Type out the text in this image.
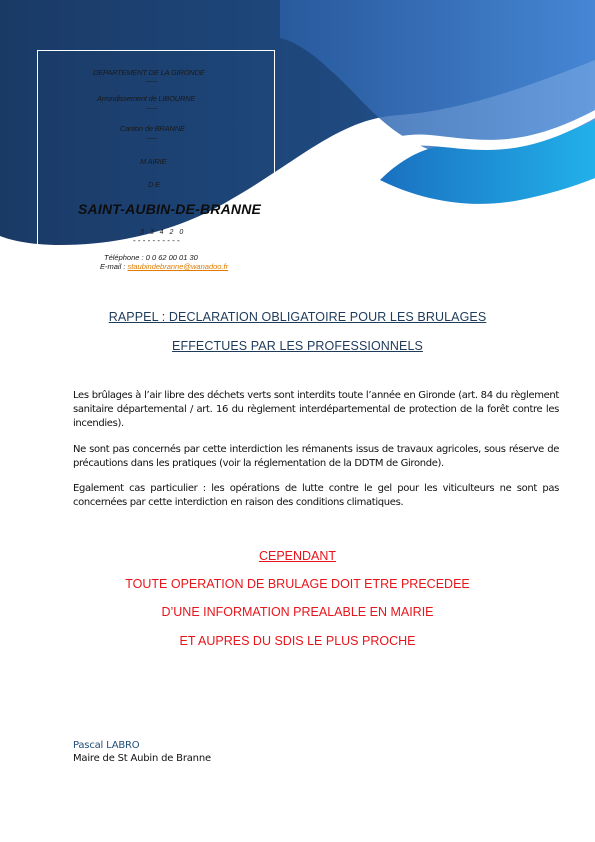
DEPARTEMENT DE LA GIRONDE
––––
Arrondissement de LIBOURNE
––––
Canton de BRANNE
––––
M AIRIE
D E
SAINT-AUBIN-DE-BRANNE
3 3 4 2 0
- - - - - - - - - -
Téléphone : 0 0 62 00 01 30
E-mail : staubindebranne@wanadoo.fr
RAPPEL : DECLARATION OBLIGATOIRE POUR LES BRULAGES
EFFECTUES PAR LES PROFESSIONNELS
Les brûlages à l’air libre des déchets verts sont interdits toute l’année en Gironde (art. 84 du règlement sanitaire départemental / art. 16 du règlement interdépartemental de protection de la forêt contre les incendies).
Ne sont pas concernés par cette interdiction les rémanents issus de travaux agricoles, sous réserve de précautions dans les pratiques (voir la réglementation de la DDTM de Gironde).
Egalement cas particulier : les opérations de lutte contre le gel pour les viticulteurs ne sont pas concernées par cette interdiction en raison des conditions climatiques.
CEPENDANT
TOUTE OPERATION DE BRULAGE DOIT ETRE PRECEDEE
D’UNE INFORMATION PREALABLE EN MAIRIE
ET AUPRES DU SDIS LE PLUS PROCHE
Pascal LABRO
Maire de St Aubin de Branne
